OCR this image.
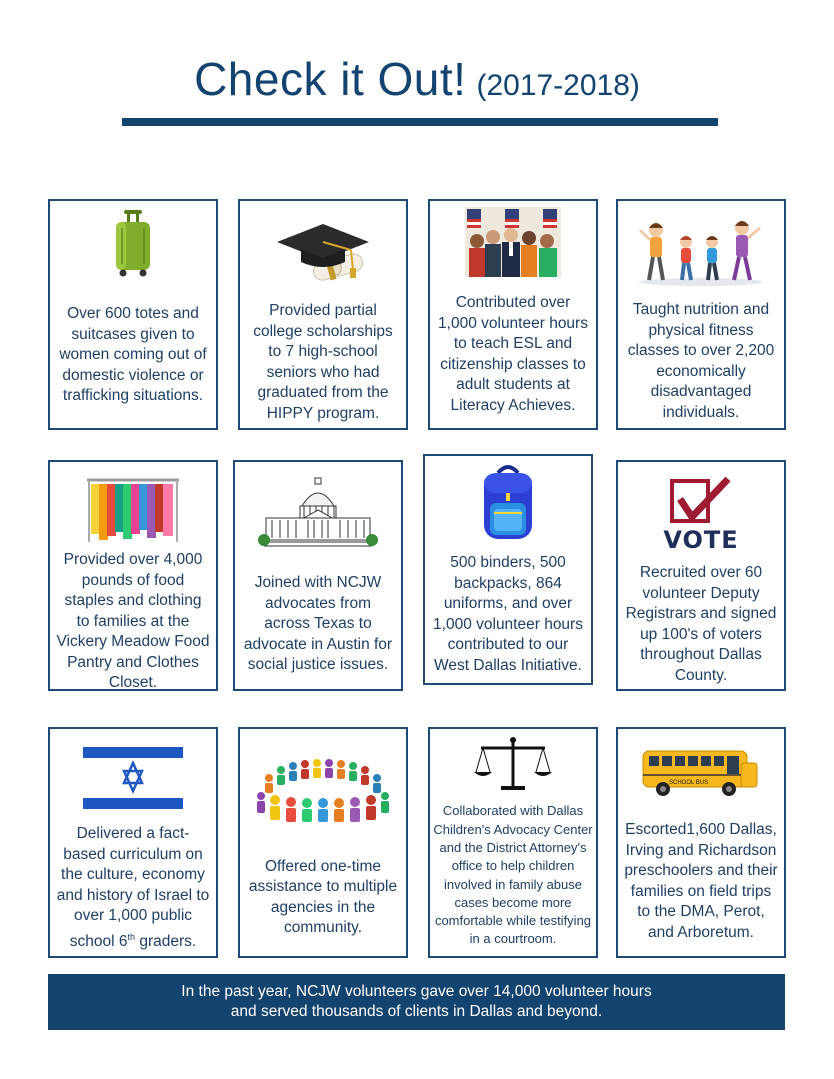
Check it Out! (2017-2018)
Over 600 totes and suitcases given to women coming out of domestic violence or trafficking situations.
Provided partial college scholarships to 7 high-school seniors who had graduated from the HIPPY program.
Contributed over 1,000 volunteer hours to teach ESL and citizenship classes to adult students at Literacy Achieves.
Taught nutrition and physical fitness classes to over 2,200 economically disadvantaged individuals.
Provided over 4,000 pounds of food staples and clothing to families at the Vickery Meadow Food Pantry and Clothes Closet.
Joined with NCJW advocates from across Texas to advocate in Austin for social justice issues.
500 binders, 500 backpacks, 864 uniforms, and over 1,000 volunteer hours contributed to our West Dallas Initiative.
VOTE
Recruited over 60 volunteer Deputy Registrars and signed up 100's of voters throughout Dallas County.
Delivered a fact-based curriculum on the culture, economy and history of Israel to over 1,000 public school 6th graders.
Offered one-time assistance to multiple agencies in the community.
Collaborated with Dallas Children's Advocacy Center and the District Attorney's office to help children involved in family abuse cases become more comfortable while testifying in a courtroom.
SCHOOL BUS
Escorted1,600 Dallas, Irving and Richardson preschoolers and their families on field trips to the DMA, Perot, and Arboretum.
In the past year, NCJW volunteers gave over 14,000 volunteer hours
and served thousands of clients in Dallas and beyond.
